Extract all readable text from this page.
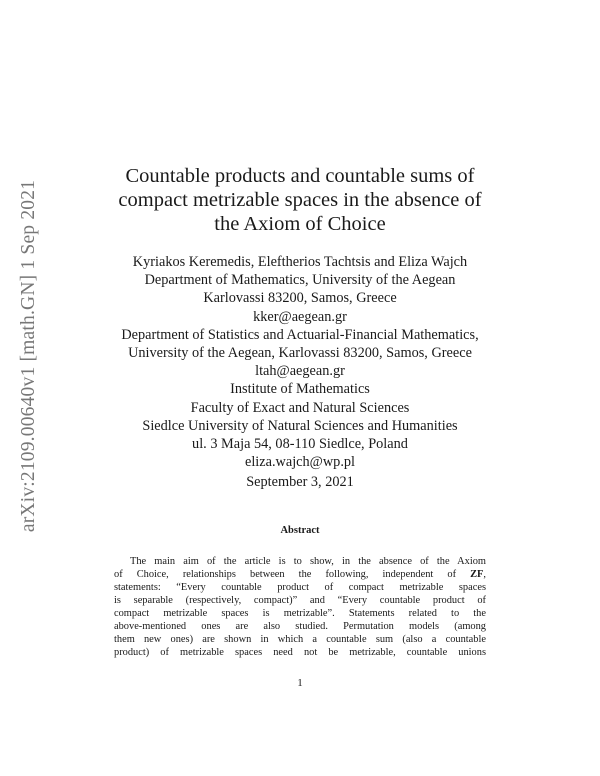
arXiv:2109.00640v1 [math.GN] 1 Sep 2021
Countable products and countable sums of
compact metrizable spaces in the absence of
the Axiom of Choice
Kyriakos Keremedis, Eleftherios Tachtsis and Eliza Wajch
Department of Mathematics, University of the Aegean
Karlovassi 83200, Samos, Greece
kker@aegean.gr
Department of Statistics and Actuarial-Financial Mathematics,
University of the Aegean, Karlovassi 83200, Samos, Greece
ltah@aegean.gr
Institute of Mathematics
Faculty of Exact and Natural Sciences
Siedlce University of Natural Sciences and Humanities
ul. 3 Maja 54, 08-110 Siedlce, Poland
eliza.wajch@wp.pl
September 3, 2021
Abstract
The main aim of the article is to show, in the absence of the Axiom
of Choice, relationships between the following, independent of ZF,
statements: “Every countable product of compact metrizable spaces
is separable (respectively, compact)” and “Every countable product of
compact metrizable spaces is metrizable”. Statements related to the
above-mentioned ones are also studied. Permutation models (among
them new ones) are shown in which a countable sum (also a countable
product) of metrizable spaces need not be metrizable, countable unions
1
